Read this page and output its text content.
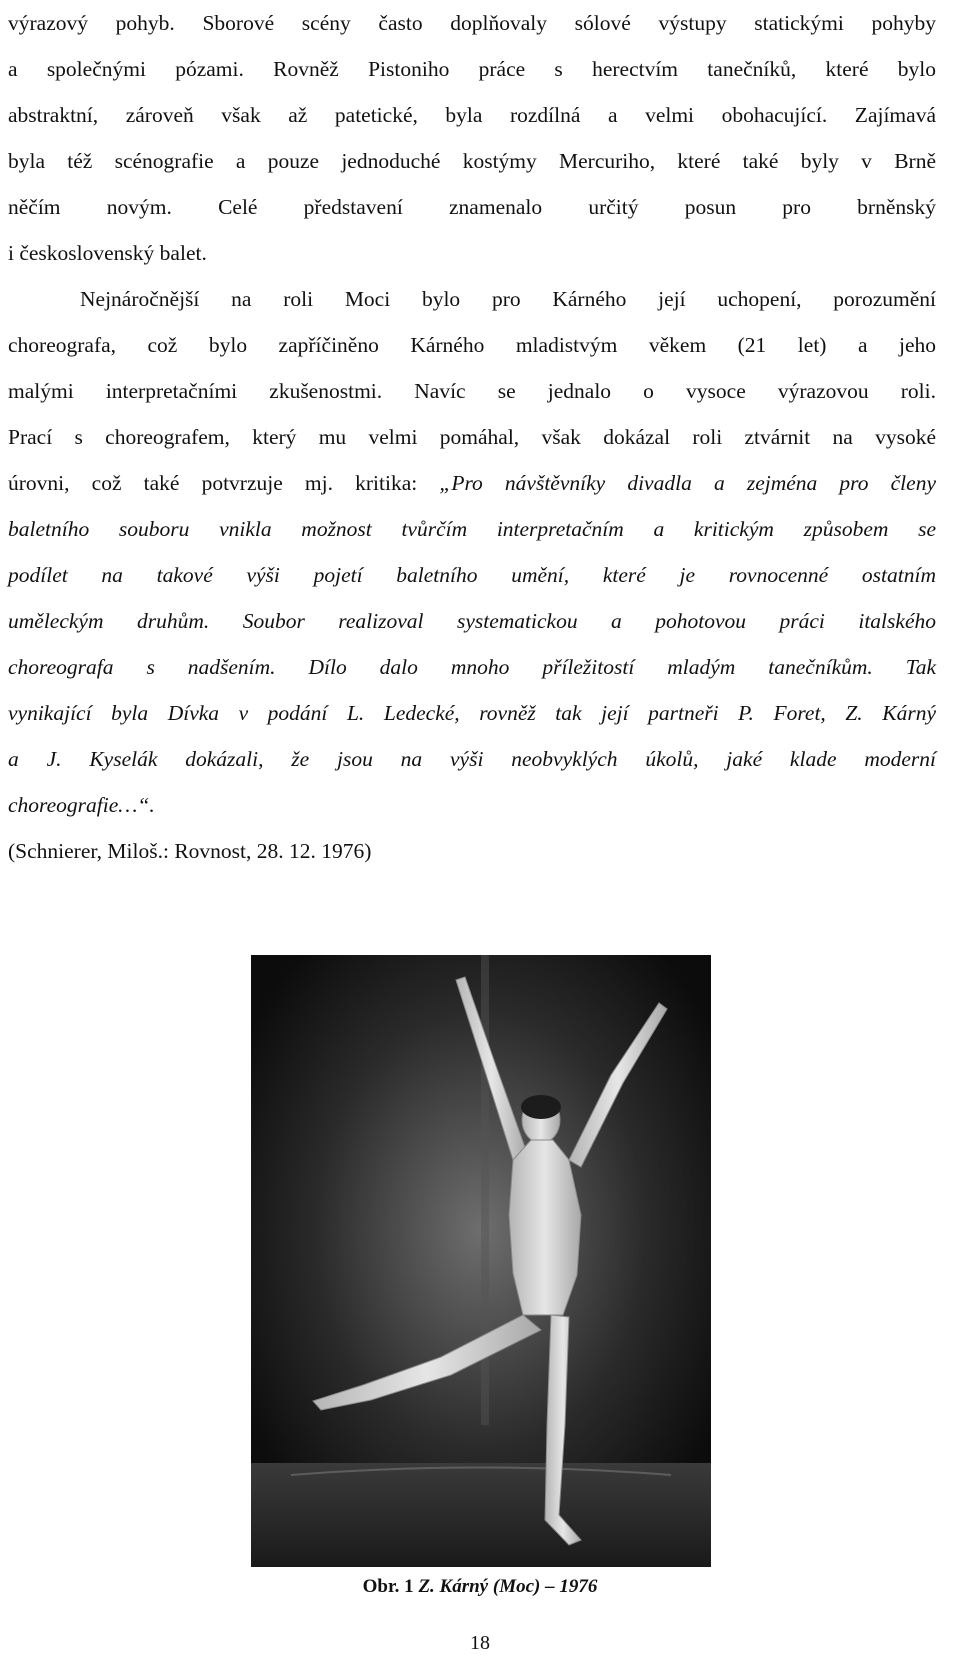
výrazový pohyb. Sborové scény často doplňovaly sólové výstupy statickými pohyby
a společnými pózami. Rovněž Pistoniho práce s herectvím tanečníků, které bylo
abstraktní, zároveň však až patetické, byla rozdílná a velmi obohacující. Zajímavá
byla též scénografie a pouze jednoduché kostýmy Mercuriho, které také byly v Brně
něčím novým. Celé představení znamenalo určitý posun pro brněnský
i československý balet.
Nejnáročnější na roli Moci bylo pro Kárného její uchopení, porozumění
choreografa, což bylo zapříčiněno Kárného mladistvým věkem (21 let) a jeho
malými interpretačními zkušenostmi. Navíc se jednalo o vysoce výrazovou roli.
Prací s choreografem, který mu velmi pomáhal, však dokázal roli ztvárnit na vysoké
úrovni, což také potvrzuje mj. kritika: „Pro návštěvníky divadla a zejména pro členy
baletního souboru vnikla možnost tvůrčím interpretačním a kritickým způsobem se
podílet na takové výši pojetí baletního umění, které je rovnocenné ostatním
uměleckým druhům. Soubor realizoval systematickou a pohotovou práci italského
choreografa s nadšením. Dílo dalo mnoho příležitostí mladým tanečníkům. Tak
vynikající byla Dívka v podání L. Ledecké, rovněž tak její partneři P. Foret, Z. Kárný
a J. Kyselák dokázali, že jsou na výši neobvyklých úkolů, jaké klade moderní
choreografie…“.
(Schnierer, Miloš.: Rovnost, 28. 12. 1976)
Obr. 1 Z. Kárný (Moc) – 1976
18
